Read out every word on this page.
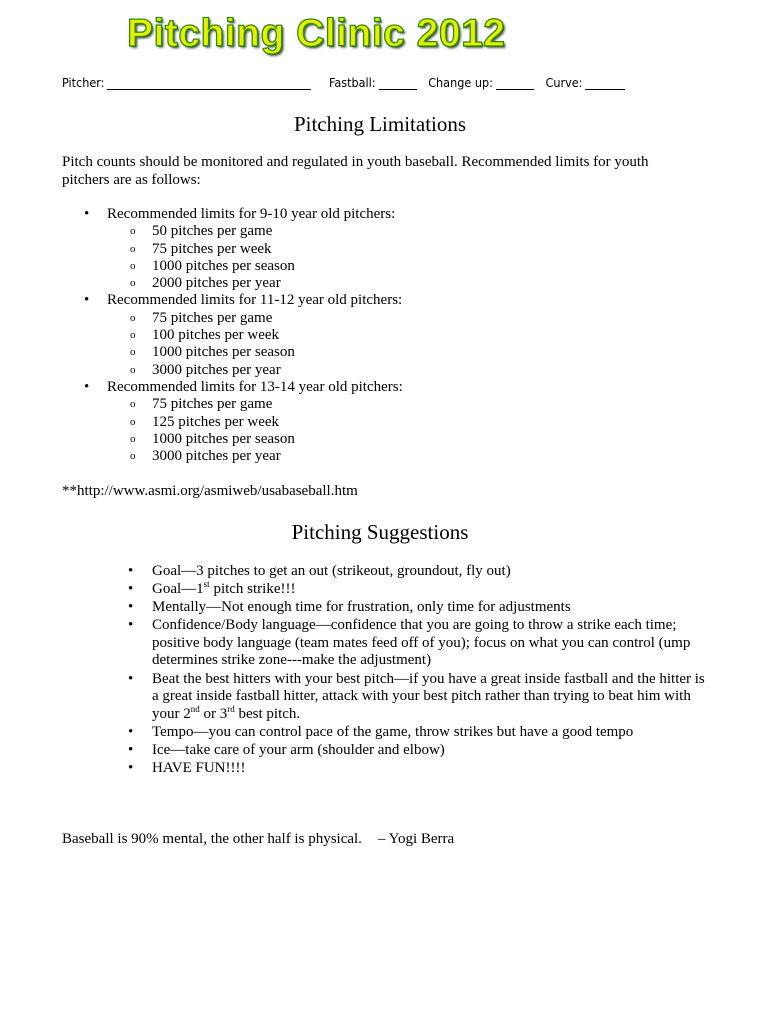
Pitching Clinic 2012
Pitcher:	Fastball:	Change up:	Curve:
Pitching Limitations
Pitch counts should be monitored and regulated in youth baseball. Recommended limits for youth pitchers are as follows:
• Recommended limits for 9-10 year old pitchers:
o 50 pitches per game
o 75 pitches per week
o 1000 pitches per season
o 2000 pitches per year
• Recommended limits for 11-12 year old pitchers:
o 75 pitches per game
o 100 pitches per week
o 1000 pitches per season
o 3000 pitches per year
• Recommended limits for 13-14 year old pitchers:
o 75 pitches per game
o 125 pitches per week
o 1000 pitches per season
o 3000 pitches per year
**http://www.asmi.org/asmiweb/usabaseball.htm
Pitching Suggestions
• Goal—3 pitches to get an out (strikeout, groundout, fly out)
• Goal—1st pitch strike!!!
• Mentally—Not enough time for frustration, only time for adjustments
• Confidence/Body language—confidence that you are going to throw a strike each time; positive body language (team mates feed off of you); focus on what you can control (ump determines strike zone---make the adjustment)
• Beat the best hitters with your best pitch—if you have a great inside fastball and the hitter is a great inside fastball hitter, attack with your best pitch rather than trying to beat him with your 2nd or 3rd best pitch.
• Tempo—you can control pace of the game, throw strikes but have a good tempo
• Ice—take care of your arm (shoulder and elbow)
• HAVE FUN!!!!
Baseball is 90% mental, the other half is physical. – Yogi Berra
